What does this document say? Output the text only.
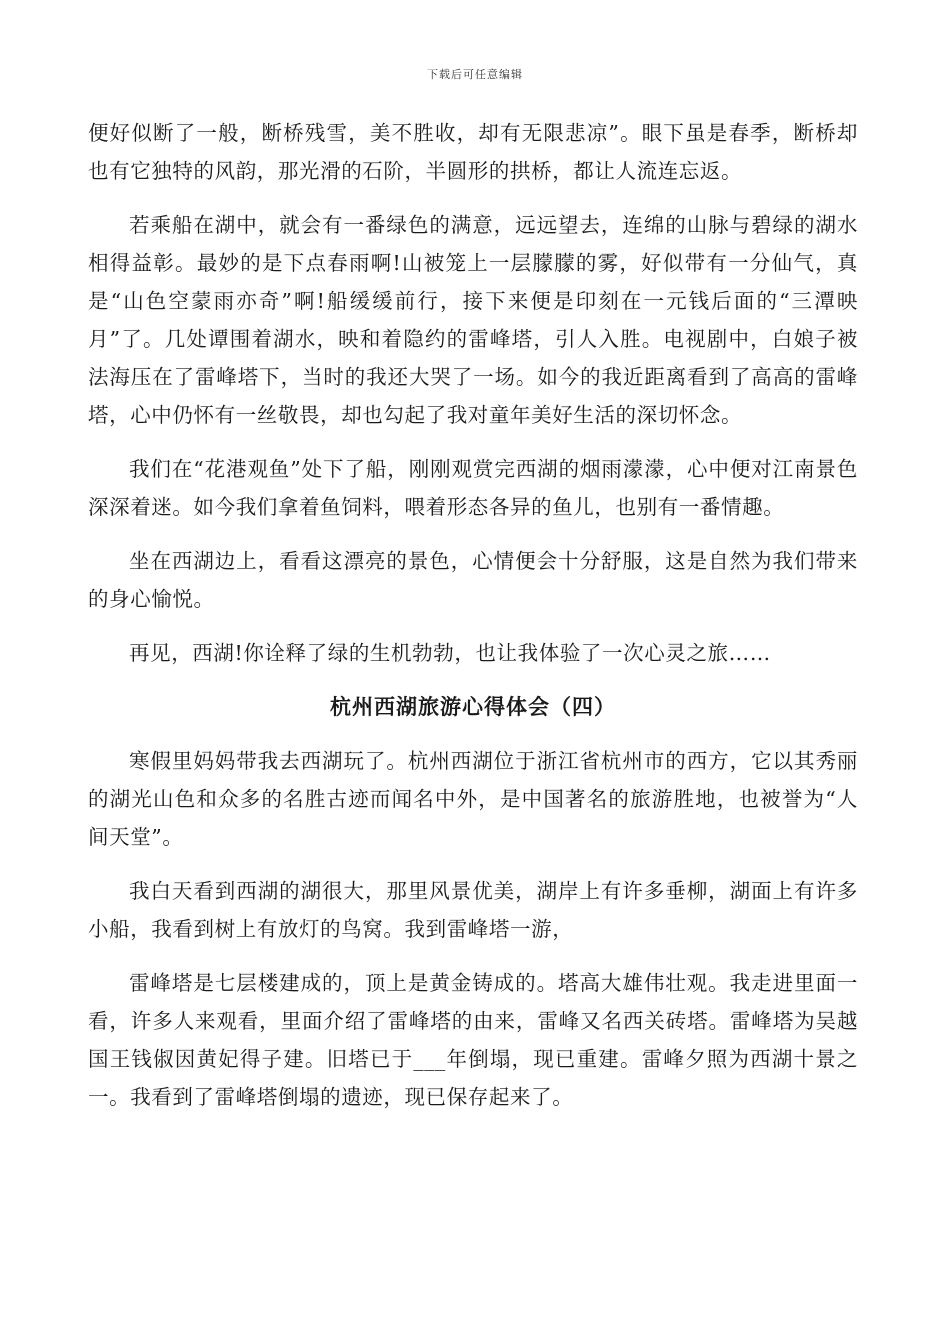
下载后可任意编辑

便好似断了一般，断桥残雪，美不胜收，却有无限悲凉”。眼下虽是春季，断桥却也有它独特的风韵，那光滑的石阶，半圆形的拱桥，都让人流连忘返。

若乘船在湖中，就会有一番绿色的满意，远远望去，连绵的山脉与碧绿的湖水相得益彰。最妙的是下点春雨啊!山被笼上一层朦朦的雾，好似带有一分仙气，真是“山色空蒙雨亦奇”啊!船缓缓前行，接下来便是印刻在一元钱后面的“三潭映月”了。几处谭围着湖水，映和着隐约的雷峰塔，引人入胜。电视剧中，白娘子被法海压在了雷峰塔下，当时的我还大哭了一场。如今的我近距离看到了高高的雷峰塔，心中仍怀有一丝敬畏，却也勾起了我对童年美好生活的深切怀念。

我们在“花港观鱼”处下了船，刚刚观赏完西湖的烟雨濛濛，心中便对江南景色深深着迷。如今我们拿着鱼饲料，喂着形态各异的鱼儿，也别有一番情趣。

坐在西湖边上，看看这漂亮的景色，心情便会十分舒服，这是自然为我们带来的身心愉悦。

再见，西湖!你诠释了绿的生机勃勃，也让我体验了一次心灵之旅……

杭州西湖旅游心得体会（四）

寒假里妈妈带我去西湖玩了。杭州西湖位于浙江省杭州市的西方，它以其秀丽的湖光山色和众多的名胜古迹而闻名中外，是中国著名的旅游胜地，也被誉为“人间天堂”。

我白天看到西湖的湖很大，那里风景优美，湖岸上有许多垂柳，湖面上有许多小船，我看到树上有放灯的鸟窝。我到雷峰塔一游，

雷峰塔是七层楼建成的，顶上是黄金铸成的。塔高大雄伟壮观。我走进里面一看，许多人来观看，里面介绍了雷峰塔的由来，雷峰又名西关砖塔。雷峰塔为吴越国王钱俶因黄妃得子建。旧塔已于___年倒塌，现已重建。雷峰夕照为西湖十景之一。我看到了雷峰塔倒塌的遗迹，现已保存起来了。
